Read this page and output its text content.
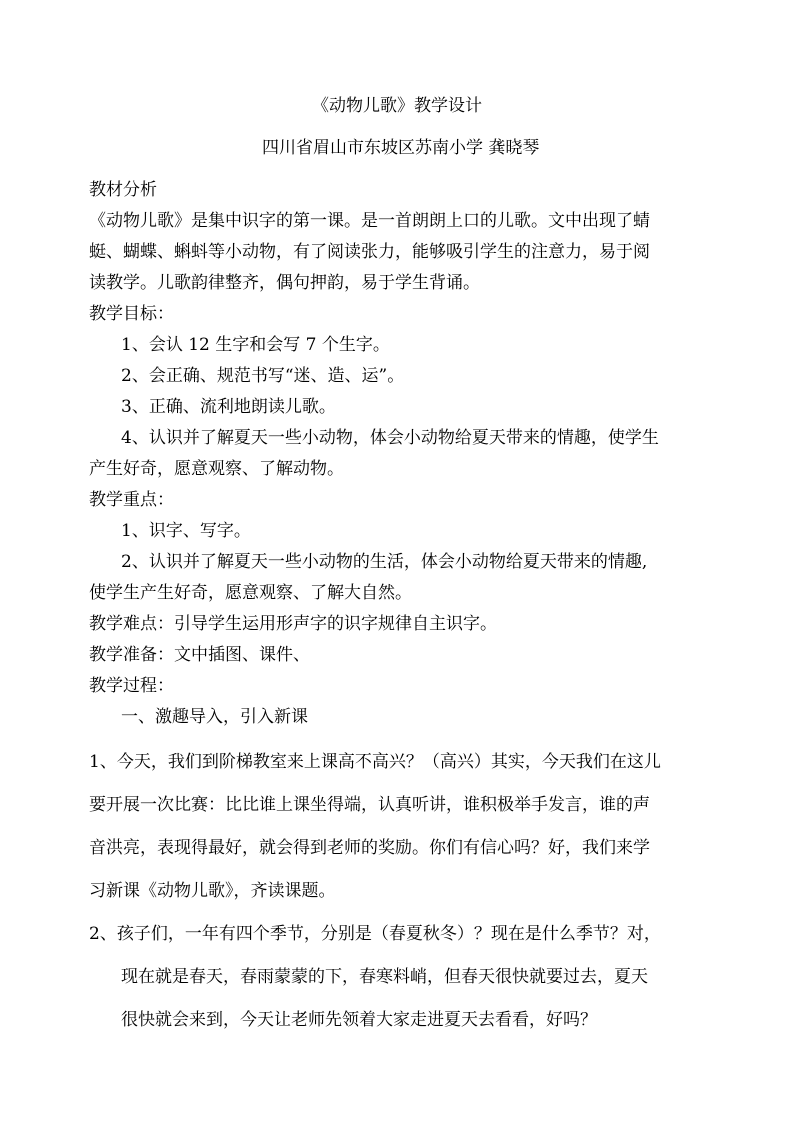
《动物儿歌》教学设计
四川省眉山市东坡区苏南小学 龚晓琴
教材分析
《动物儿歌》是集中识字的第一课。是一首朗朗上口的儿歌。文中出现了蜻
蜓、蝴蝶、蝌蚪等小动物，有了阅读张力，能够吸引学生的注意力，易于阅
读教学。儿歌韵律整齐，偶句押韵，易于学生背诵。
教学目标：
1、会认 12 生字和会写 7 个生字。
2、会正确、规范书写“迷、造、运”。
3、正确、流利地朗读儿歌。
4、认识并了解夏天一些小动物，体会小动物给夏天带来的情趣，使学生
产生好奇，愿意观察、了解动物。
教学重点：
1、识字、写字。
2、认识并了解夏天一些小动物的生活，体会小动物给夏天带来的情趣,
使学生产生好奇，愿意观察、了解大自然。
教学难点：引导学生运用形声字的识字规律自主识字。
教学准备：文中插图、课件、
教学过程：
一、激趣导入，引入新课
1、今天，我们到阶梯教室来上课高不高兴？（高兴）其实，今天我们在这儿
要开展一次比赛：比比谁上课坐得端，认真听讲，谁积极举手发言，谁的声
音洪亮，表现得最好，就会得到老师的奖励。你们有信心吗？好，我们来学
习新课《动物儿歌》，齐读课题。
2、孩子们，一年有四个季节，分别是（春夏秋冬）？现在是什么季节？对，
现在就是春天，春雨蒙蒙的下，春寒料峭，但春天很快就要过去，夏天
很快就会来到，今天让老师先领着大家走进夏天去看看，好吗？
